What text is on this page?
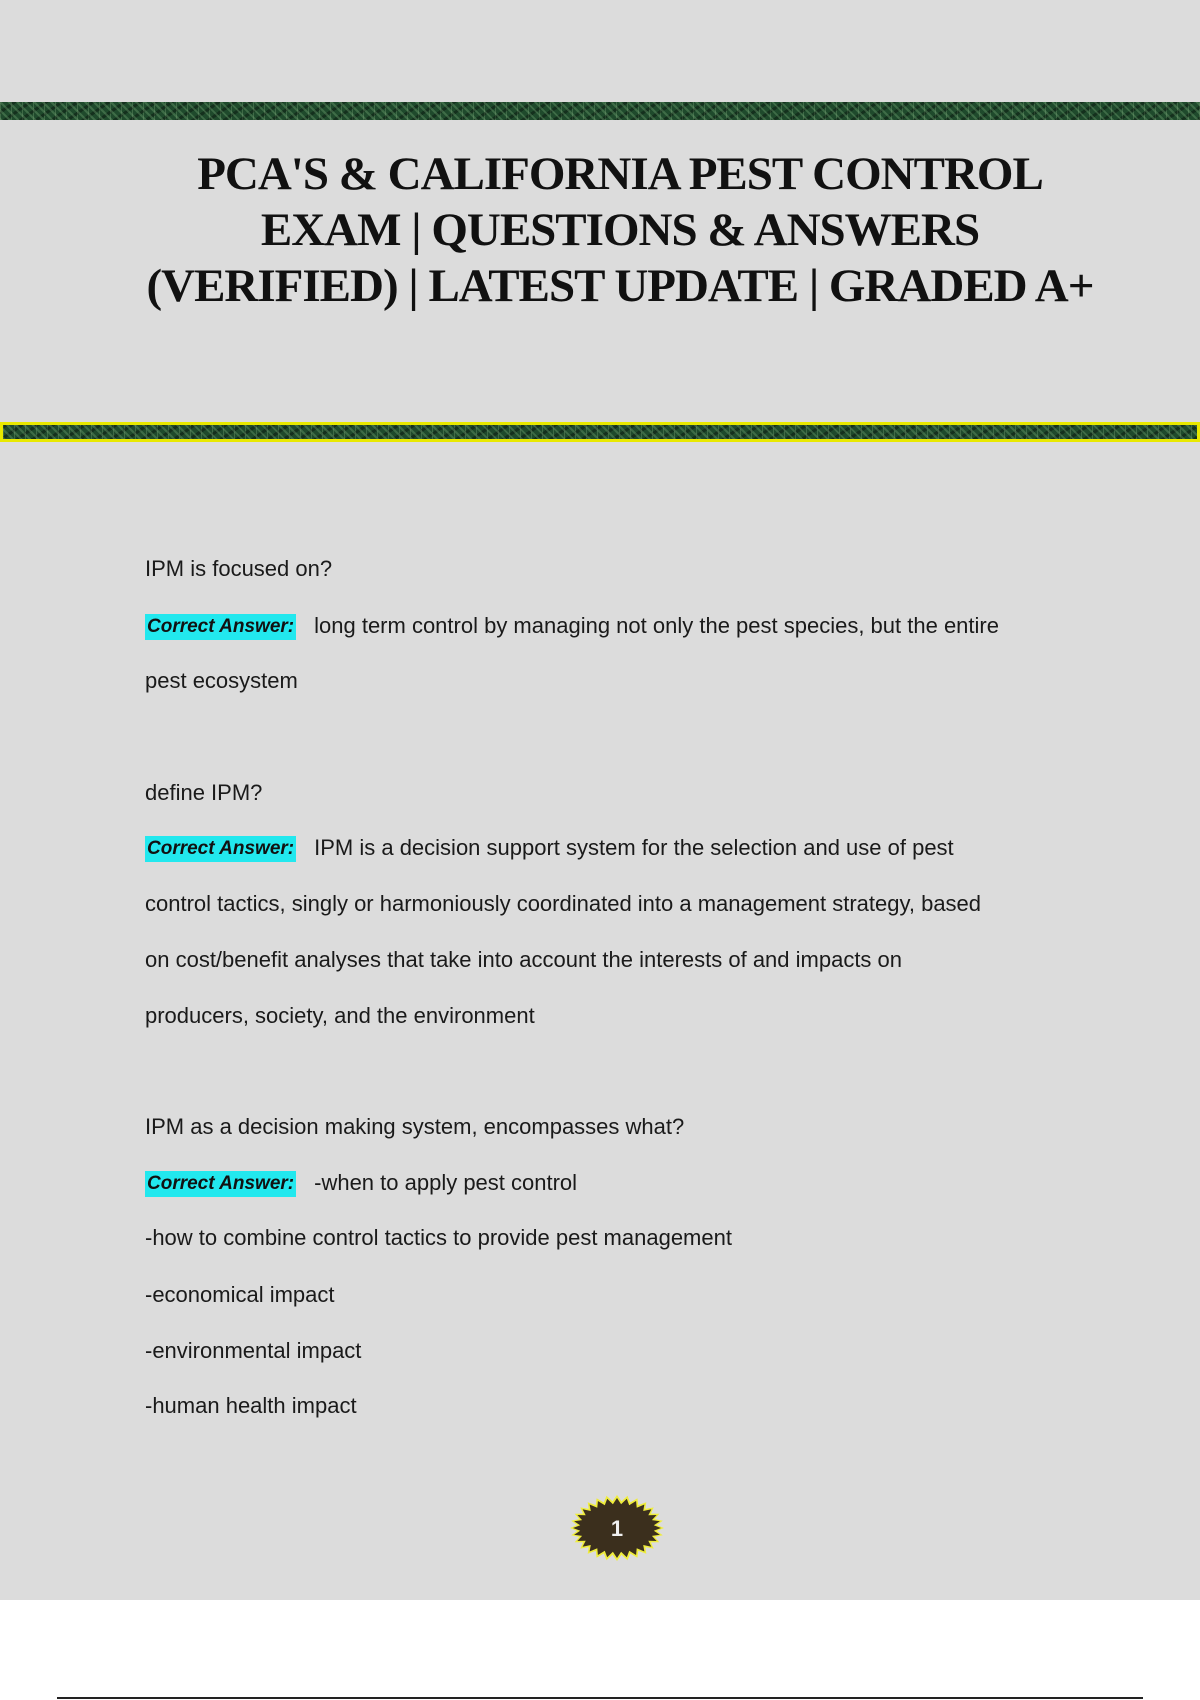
PCA'S & CALIFORNIA PEST CONTROL EXAM | QUESTIONS & ANSWERS (VERIFIED) | LATEST UPDATE | GRADED A+
IPM is focused on?
Correct Answer: long term control by managing not only the pest species, but the entire
pest ecosystem
define IPM?
Correct Answer: IPM is a decision support system for the selection and use of pest
control tactics, singly or harmoniously coordinated into a management strategy, based
on cost/benefit analyses that take into account the interests of and impacts on
producers, society, and the environment
IPM as a decision making system, encompasses what?
Correct Answer: -when to apply pest control
-how to combine control tactics to provide pest management
-economical impact
-environmental impact
-human health impact
1
